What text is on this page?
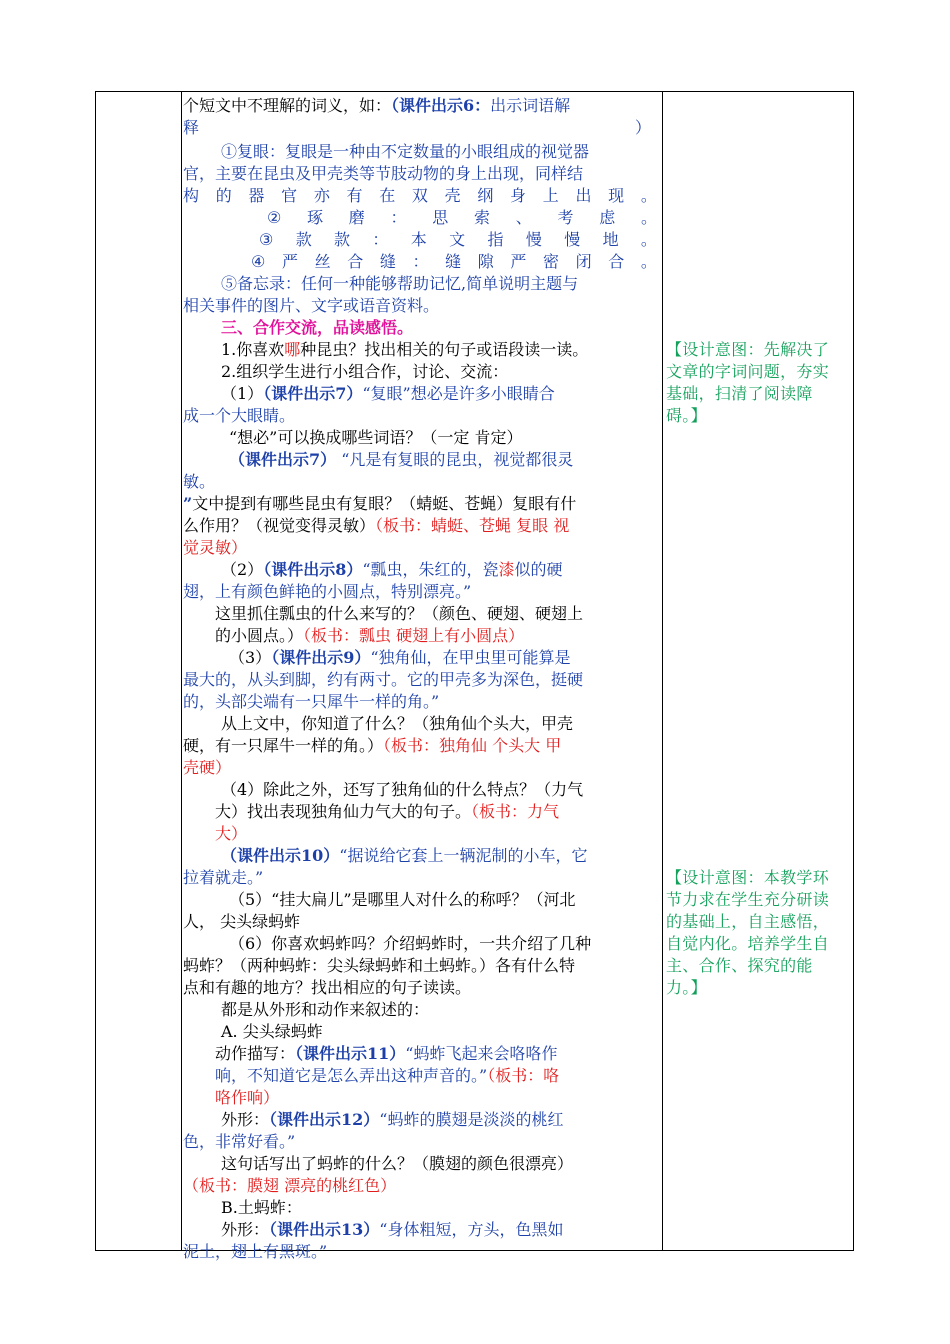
个短文中不理解的词义，如：（课件出示6：出示词语解
释	）
①复眼：复眼是一种由不定数量的小眼组成的视觉器
官，主要在昆虫及甲壳类等节肢动物的身上出现，同样结
构 的 器 官 亦 有 在 双 壳 纲 身 上 出 现 。
② 琢 磨 ： 思 索 、 考 虑 。
③ 款 款 ： 本 文 指 慢 慢 地 。
④ 严 丝 合 缝 ： 缝 隙 严 密 闭 合 。
⑤备忘录：任何一种能够帮助记忆,简单说明主题与
相关事件的图片、文字或语音资料。
三、合作交流，品读感悟。
1.你喜欢哪种昆虫？找出相关的句子或语段读一读。
2.组织学生进行小组合作，讨论、交流：
（1）（课件出示7）“复眼”想必是许多小眼睛合
成一个大眼睛。
“想必”可以换成哪些词语？（一定 肯定）
（课件出示7） “凡是有复眼的昆虫，视觉都很灵
敏。
”文中提到有哪些昆虫有复眼？（蜻蜓、苍蝇）复眼有什
么作用？（视觉变得灵敏）（板书：蜻蜓、苍蝇 复眼 视
觉灵敏）
（2）（课件出示8）“瓢虫，朱红的，瓷漆似的硬
翅，上有颜色鲜艳的小圆点，特别漂亮。”
这里抓住瓢虫的什么来写的？（颜色、硬翅、硬翅上
的小圆点。）（板书：瓢虫 硬翅上有小圆点）
（3）（课件出示9）“独角仙，在甲虫里可能算是
最大的，从头到脚，约有两寸。它的甲壳多为深色，挺硬
的，头部尖端有一只犀牛一样的角。”
从上文中，你知道了什么？（独角仙个头大，甲壳
硬，有一只犀牛一样的角。）（板书：独角仙 个头大 甲
壳硬）
（4）除此之外，还写了独角仙的什么特点？（力气
大）找出表现独角仙力气大的句子。（板书：力气
大）
（课件出示10）“据说给它套上一辆泥制的小车，它
拉着就走。”
（5）“挂大扁儿”是哪里人对什么的称呼？（河北
人， 尖头绿蚂蚱
（6）你喜欢蚂蚱吗？介绍蚂蚱时，一共介绍了几种
蚂蚱？（两种蚂蚱：尖头绿蚂蚱和土蚂蚱。）各有什么特
点和有趣的地方？找出相应的句子读读。
都是从外形和动作来叙述的：
A. 尖头绿蚂蚱
动作描写：（课件出示11）“蚂蚱飞起来会咯咯作
响，不知道它是怎么弄出这种声音的。”（板书：咯
咯作响）
外形：（课件出示12）“蚂蚱的膜翅是淡淡的桃红
色，非常好看。”
这句话写出了蚂蚱的什么？（膜翅的颜色很漂亮）
（板书：膜翅 漂亮的桃红色）
B.土蚂蚱：
外形：（课件出示13）“身体粗短，方头，色黑如
泥土，翅上有黑斑。”
【设计意图：先解决了
文章的字词问题，夯实
基础，扫清了阅读障
碍。】
【设计意图：本教学环
节力求在学生充分研读
的基础上，自主感悟，
自觉内化。培养学生自
主、合作、探究的能
力。】
